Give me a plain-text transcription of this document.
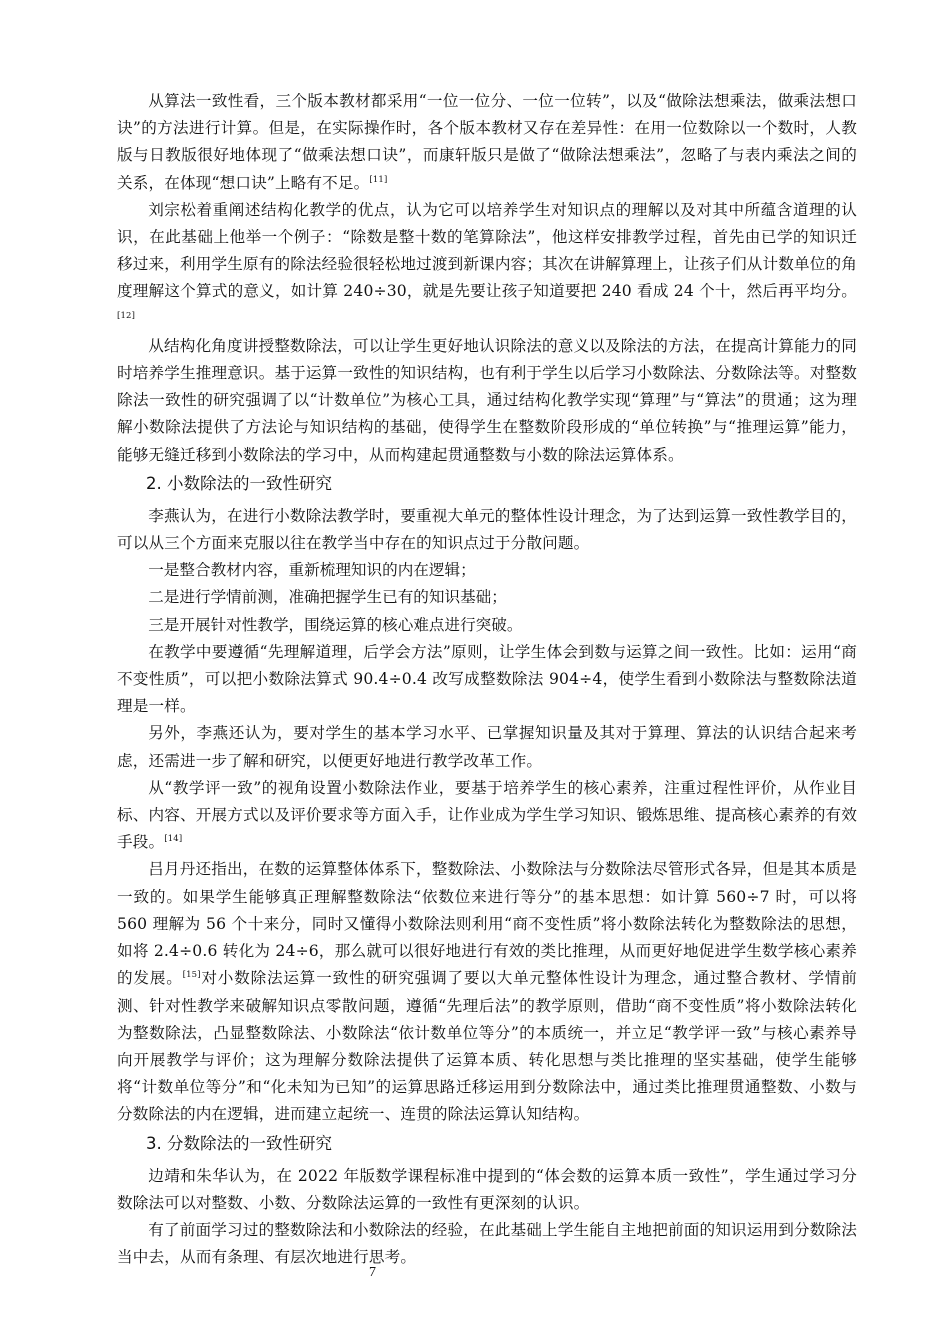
从算法一致性看，三个版本教材都采用“一位一位分、一位一位转”，以及“做除法想乘法，做乘法想口诀”的方法进行计算。但是，在实际操作时，各个版本教材又存在差异性：在用一位数除以一个数时，人教版与日教版很好地体现了“做乘法想口诀”，而康轩版只是做了“做除法想乘法”，忽略了与表内乘法之间的关系，在体现“想口诀”上略有不足。[11]

刘宗松着重阐述结构化教学的优点，认为它可以培养学生对知识点的理解以及对其中所蕴含道理的认识，在此基础上他举一个例子：“除数是整十数的笔算除法”，他这样安排教学过程，首先由已学的知识迁移过来，利用学生原有的除法经验很轻松地过渡到新课内容；其次在讲解算理上，让孩子们从计数单位的角度理解这个算式的意义，如计算 240÷30，就是先要让孩子知道要把 240 看成 24 个十，然后再平均分。[12]

从结构化角度讲授整数除法，可以让学生更好地认识除法的意义以及除法的方法，在提高计算能力的同时培养学生推理意识。基于运算一致性的知识结构，也有利于学生以后学习小数除法、分数除法等。对整数除法一致性的研究强调了以“计数单位”为核心工具，通过结构化教学实现“算理”与“算法”的贯通；这为理解小数除法提供了方法论与知识结构的基础，使得学生在整数阶段形成的“单位转换”与“推理运算”能力，能够无缝迁移到小数除法的学习中，从而构建起贯通整数与小数的除法运算体系。

2. 小数除法的一致性研究

李燕认为，在进行小数除法教学时，要重视大单元的整体性设计理念，为了达到运算一致性教学目的，可以从三个方面来克服以往在教学当中存在的知识点过于分散问题。

一是整合教材内容，重新梳理知识的内在逻辑；

二是进行学情前测，准确把握学生已有的知识基础；

三是开展针对性教学，围绕运算的核心难点进行突破。

在教学中要遵循“先理解道理，后学会方法”原则，让学生体会到数与运算之间一致性。比如：运用“商不变性质”，可以把小数除法算式 90.4÷0.4 改写成整数除法 904÷4，使学生看到小数除法与整数除法道理是一样。

另外，李燕还认为，要对学生的基本学习水平、已掌握知识量及其对于算理、算法的认识结合起来考虑，还需进一步了解和研究，以便更好地进行教学改革工作。

从“教学评一致”的视角设置小数除法作业，要基于培养学生的核心素养，注重过程性评价，从作业目标、内容、开展方式以及评价要求等方面入手，让作业成为学生学习知识、锻炼思维、提高核心素养的有效手段。[14]

吕月丹还指出，在数的运算整体体系下，整数除法、小数除法与分数除法尽管形式各异，但是其本质是一致的。如果学生能够真正理解整数除法“依数位来进行等分”的基本思想：如计算 560÷7 时，可以将 560 理解为 56 个十来分，同时又懂得小数除法则利用“商不变性质”将小数除法转化为整数除法的思想，如将 2.4÷0.6 转化为 24÷6，那么就可以很好地进行有效的类比推理，从而更好地促进学生数学核心素养的发展。[15]对小数除法运算一致性的研究强调了要以大单元整体性设计为理念，通过整合教材、学情前测、针对性教学来破解知识点零散问题，遵循“先理后法”的教学原则，借助“商不变性质”将小数除法转化为整数除法，凸显整数除法、小数除法“依计数单位等分”的本质统一，并立足“教学评一致”与核心素养导向开展教学与评价；这为理解分数除法提供了运算本质、转化思想与类比推理的坚实基础，使学生能够将“计数单位等分”和“化未知为已知”的运算思路迁移运用到分数除法中，通过类比推理贯通整数、小数与分数除法的内在逻辑，进而建立起统一、连贯的除法运算认知结构。

3. 分数除法的一致性研究

边靖和朱华认为，在 2022 年版数学课程标准中提到的“体会数的运算本质一致性”，学生通过学习分数除法可以对整数、小数、分数除法运算的一致性有更深刻的认识。

有了前面学习过的整数除法和小数除法的经验，在此基础上学生能自主地把前面的知识运用到分数除法当中去，从而有条理、有层次地进行思考。

7
